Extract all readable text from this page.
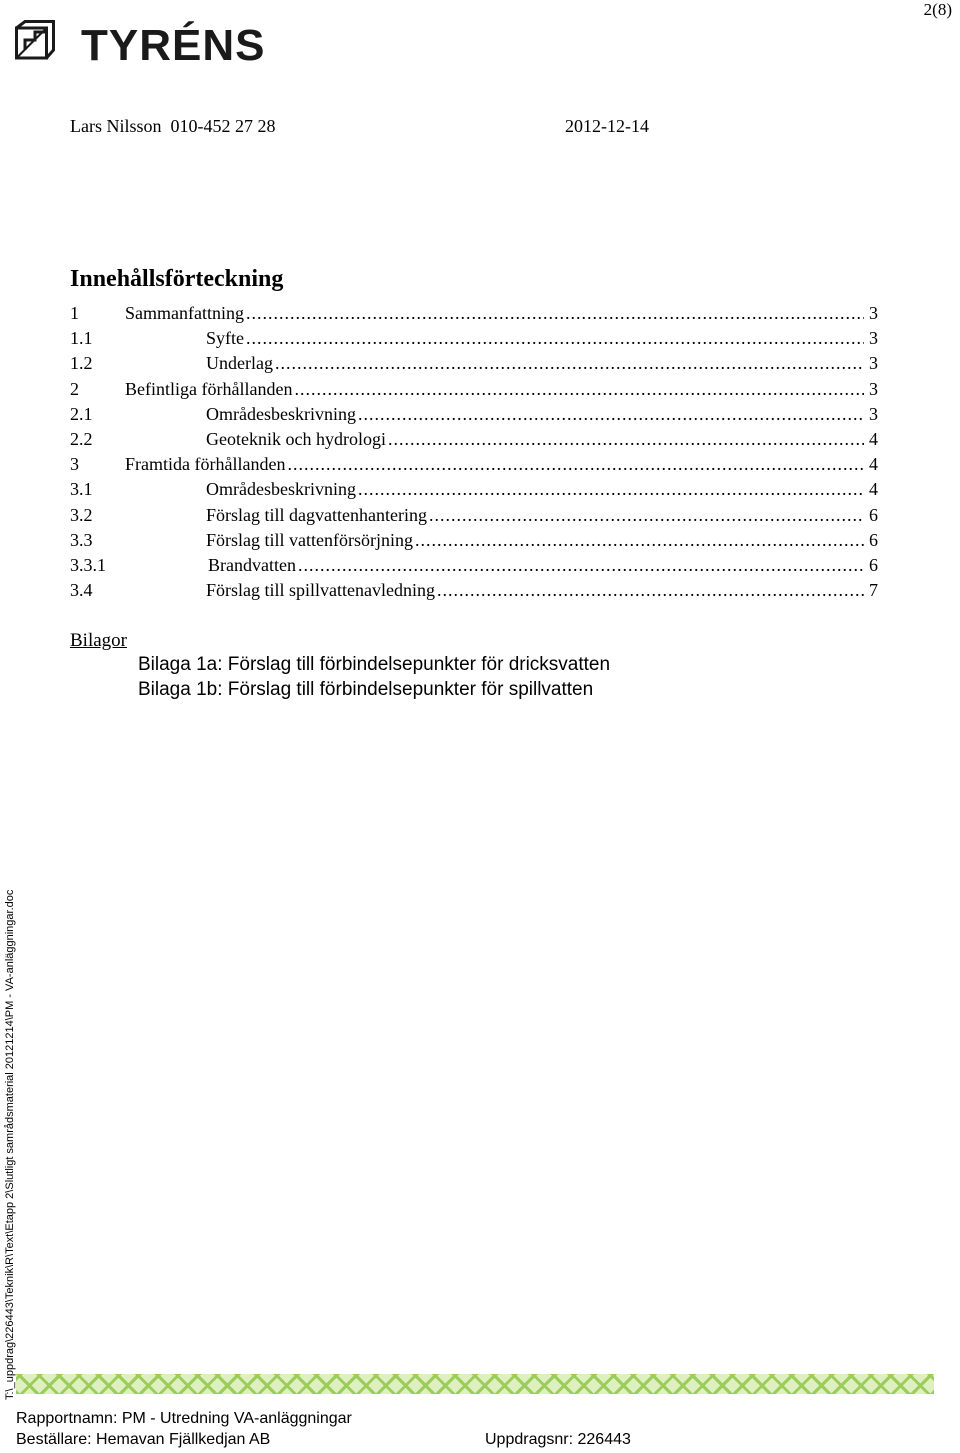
2(8)
TYRÉNS
Lars Nilsson 010-452 27 28	2012-12-14
Innehållsförteckning
1	Sammanfattning .....	3
1.1	Syfte .....	3
1.2	Underlag .....	3
2	Befintliga förhållanden .....	3
2.1	Områdesbeskrivning .....	3
2.2	Geoteknik och hydrologi .....	4
3	Framtida förhållanden .....	4
3.1	Områdesbeskrivning .....	4
3.2	Förslag till dagvattenhantering .....	6
3.3	Förslag till vattenförsörjning .....	6
3.3.1	Brandvatten .....	6
3.4	Förslag till spillvattenavledning .....	7
Bilagor
Bilaga 1a: Förslag till förbindelsepunkter för dricksvatten
Bilaga 1b: Förslag till förbindelsepunkter för spillvatten
T:\_uppdrag\226443\Teknik\R\Text\Etapp 2\Slutligt samrådsmaterial 20121214\PM - VA-anläggningar.doc
Rapportnamn: PM - Utredning VA-anläggningar
Beställare: Hemavan Fjällkedjan AB	Uppdragsnr: 226443
